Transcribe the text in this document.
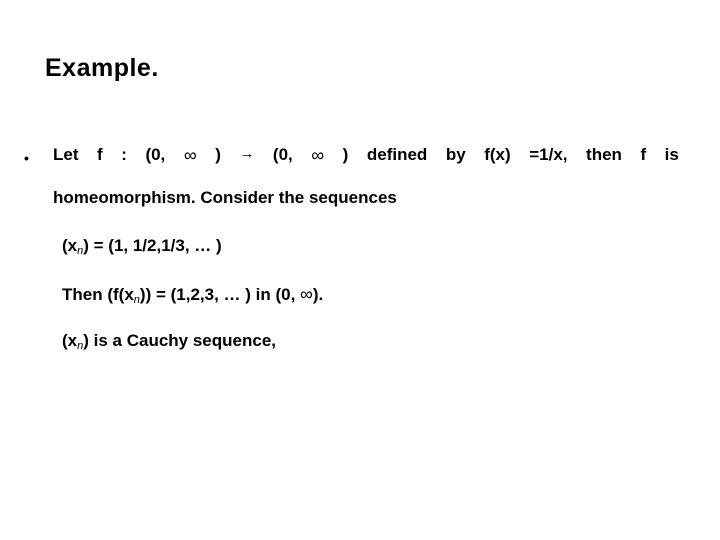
Example.
• Let f : (0, ∞ ) → (0, ∞ ) defined by f(x) =1/x, then f is
homeomorphism. Consider the sequences
$(x_n) = (1$, 1/2,1/3, … )
Then $(f(x_n)) = (1,2,3$, … ) in (0, ∞).
$(x_n)$ is a Cauchy sequence,
